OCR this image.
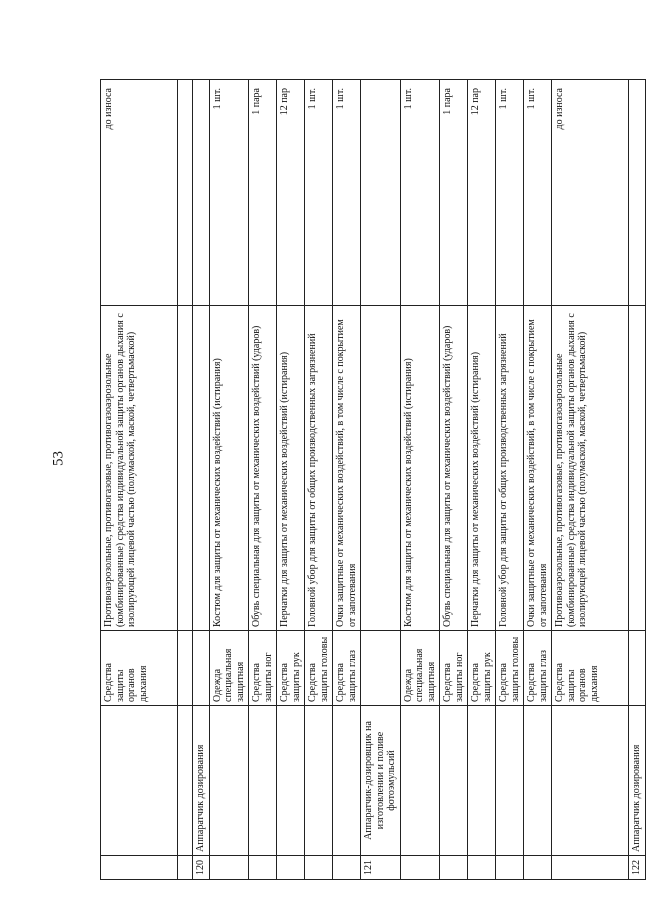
53
		Средства защиты органов дыхания	Противоаэрозольные, противогазовые, противогазоаэрозольные (комбинированные) средства индивидуальной защиты органов дыхания с изолирующей лицевой частью (полумаской, маской, четвертьмаской)	до износа

120	Аппаратчик дозирования			
		Одежда специальная защитная	Костюм для защиты от механических воздействий (истирания)	1 шт.
		Средства защиты ног	Обувь специальная для защиты от механических воздействий (ударов)	1 пара
		Средства защиты рук	Перчатки для защиты от механических воздействий (истирания)	12 пар
		Средства защиты головы	Головной убор для защиты от общих производственных загрязнений	1 шт.
		Средства защиты глаз	Очки защитные от механических воздействий, в том числе с покрытием от запотевания	1 шт.
121	Аппаратчик-дозировщик на изготовлении и поливе фотоэмульсий			
		Одежда специальная защитная	Костюм для защиты от механических воздействий (истирания)	1 шт.
		Средства защиты ног	Обувь специальная для защиты от механических воздействий (ударов)	1 пара
		Средства защиты рук	Перчатки для защиты от механических воздействий (истирания)	12 пар
		Средства защиты головы	Головной убор для защиты от общих производственных загрязнений	1 шт.
		Средства защиты глаз	Очки защитные от механических воздействий, в том числе с покрытием от запотевания	1 шт.
		Средства защиты органов дыхания	Противоаэрозольные, противогазовые, противогазоаэрозольные (комбинированные) средства индивидуальной защиты органов дыхания с изолирующей лицевой частью (полумаской, маской, четвертьмаской)	до износа
122	Аппаратчик дозирования			
